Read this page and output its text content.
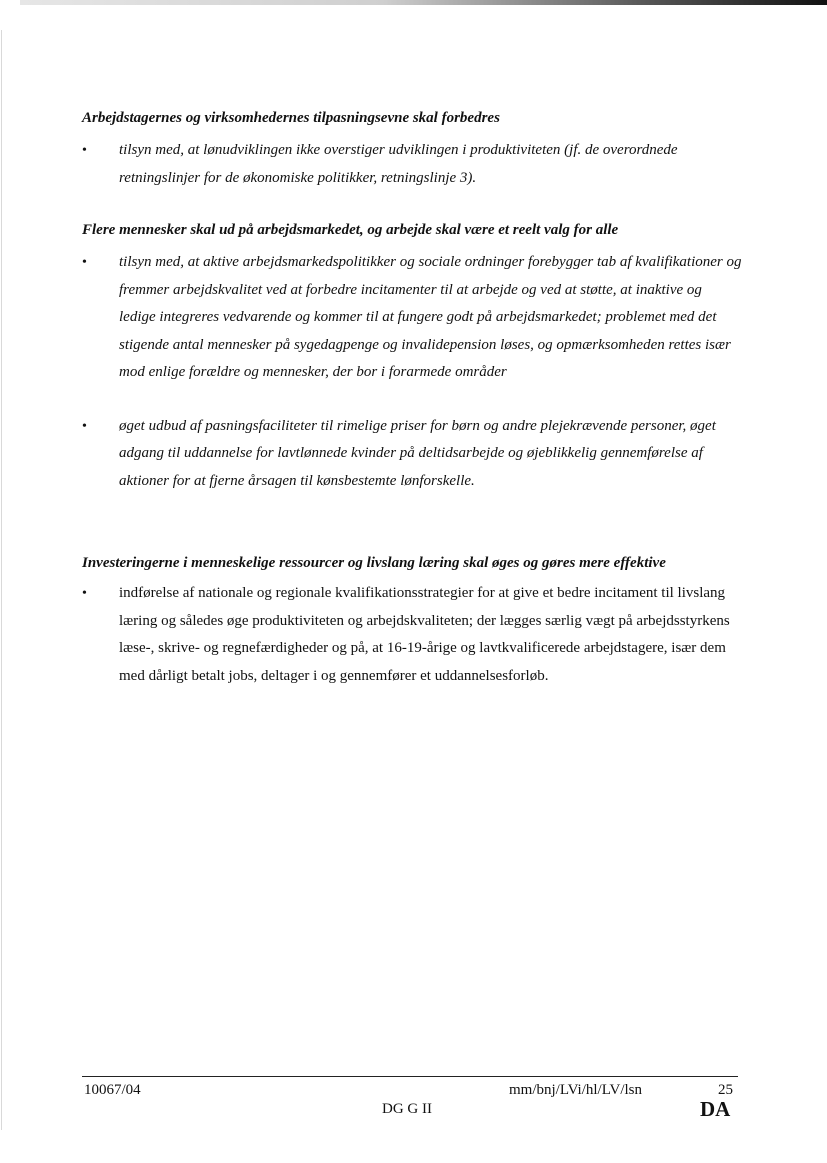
Arbejdstagernes og virksomhedernes tilpasningsevne skal forbedres
• tilsyn med, at lønudviklingen ikke overstiger udviklingen i produktiviteten (jf. de overordnede retningslinjer for de økonomiske politikker, retningslinje 3).
Flere mennesker skal ud på arbejdsmarkedet, og arbejde skal være et reelt valg for alle
• tilsyn med, at aktive arbejdsmarkedspolitikker og sociale ordninger forebygger tab af kvalifikationer og fremmer arbejdskvalitet ved at forbedre incitamenter til at arbejde og ved at støtte, at inaktive og ledige integreres vedvarende og kommer til at fungere godt på arbejdsmarkedet; problemet med det stigende antal mennesker på sygedagpenge og invalidepension løses, og opmærksomheden rettes især mod enlige forældre og mennesker, der bor i forarmede områder
• øget udbud af pasningsfaciliteter til rimelige priser for børn og andre plejekrævende personer, øget adgang til uddannelse for lavtlønnede kvinder på deltidsarbejde og øjeblikkelig gennemførelse af aktioner for at fjerne årsagen til kønsbestemte lønforskelle.
Investeringerne i menneskelige ressourcer og livslang læring skal øges og gøres mere effektive
• indførelse af nationale og regionale kvalifikationsstrategier for at give et bedre incitament til livslang læring og således øge produktiviteten og arbejdskvaliteten; der lægges særlig vægt på arbejdsstyrkens læse-, skrive- og regnefærdigheder og på, at 16-19-årige og lavtkvalificerede arbejdstagere, især dem med dårligt betalt jobs, deltager i og gennemfører et uddannelsesforløb.
10067/04	mm/bnj/LVi/hl/LV/lsn	25
DG G II	DA
